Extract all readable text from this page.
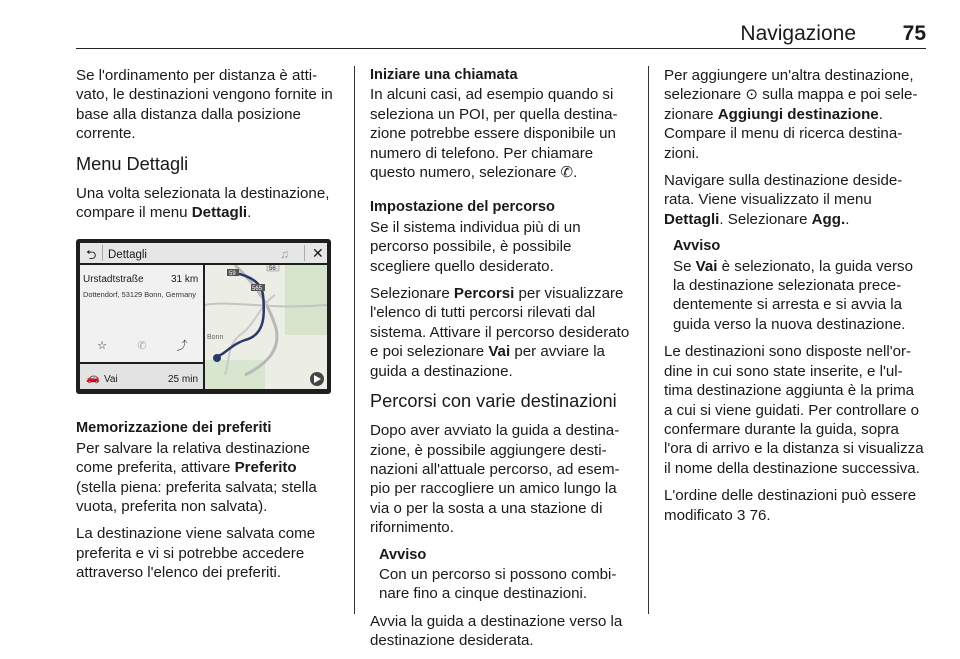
Navigazione 75

Se l'ordinamento per distanza è attivato, le destinazioni vengono fornite in base alla distanza dalla posizione corrente.

Menu Dettagli

Una volta selezionata la destinazione, compare il menu Dettagli.

⮌ Dettagli	♫ ✕
Urstadtstraße	31 km
Dottendorf, 53129 Bonn, Germany
☆	✆	⤴
🚗 Vai	25 min
59
565
56
Bonn
Memorizzazione dei preferiti

Per salvare la relativa destinazione come preferita, attivare Preferito (stella piena: preferita salvata; stella vuota, preferita non salvata).

La destinazione viene salvata come preferita e vi si potrebbe accedere attraverso l'elenco dei preferiti.

Iniziare una chiamata

In alcuni casi, ad esempio quando si seleziona un POI, per quella destinazione potrebbe essere disponibile un numero di telefono. Per chiamare questo numero, selezionare ✆.

Impostazione del percorso

Se il sistema individua più di un percorso possibile, è possibile scegliere quello desiderato.

Selezionare Percorsi per visualizzare l'elenco di tutti percorsi rilevati dal sistema. Attivare il percorso desiderato e poi selezionare Vai per avviare la guida a destinazione.

Percorsi con varie destinazioni

Dopo aver avviato la guida a destinazione, è possibile aggiungere destinazioni all'attuale percorso, ad esempio per raccogliere un amico lungo la via o per la sosta a una stazione di rifornimento.

Avviso
Con un percorso si possono combinare fino a cinque destinazioni.

Avvia la guida a destinazione verso la destinazione desiderata.

Per aggiungere un'altra destinazione, selezionare ⊙ sulla mappa e poi selezionare Aggiungi destinazione. Compare il menu di ricerca destinazioni.

Navigare sulla destinazione desiderata. Viene visualizzato il menu Dettagli. Selezionare Agg..

Avviso
Se Vai è selezionato, la guida verso la destinazione selezionata precedentemente si arresta e si avvia la guida verso la nuova destinazione.

Le destinazioni sono disposte nell'ordine in cui sono state inserite, e l'ultima destinazione aggiunta è la prima a cui si viene guidati. Per controllare o confermare durante la guida, sopra l'ora di arrivo e la distanza si visualizza il nome della destinazione successiva.

L'ordine delle destinazioni può essere modificato 3 76.
